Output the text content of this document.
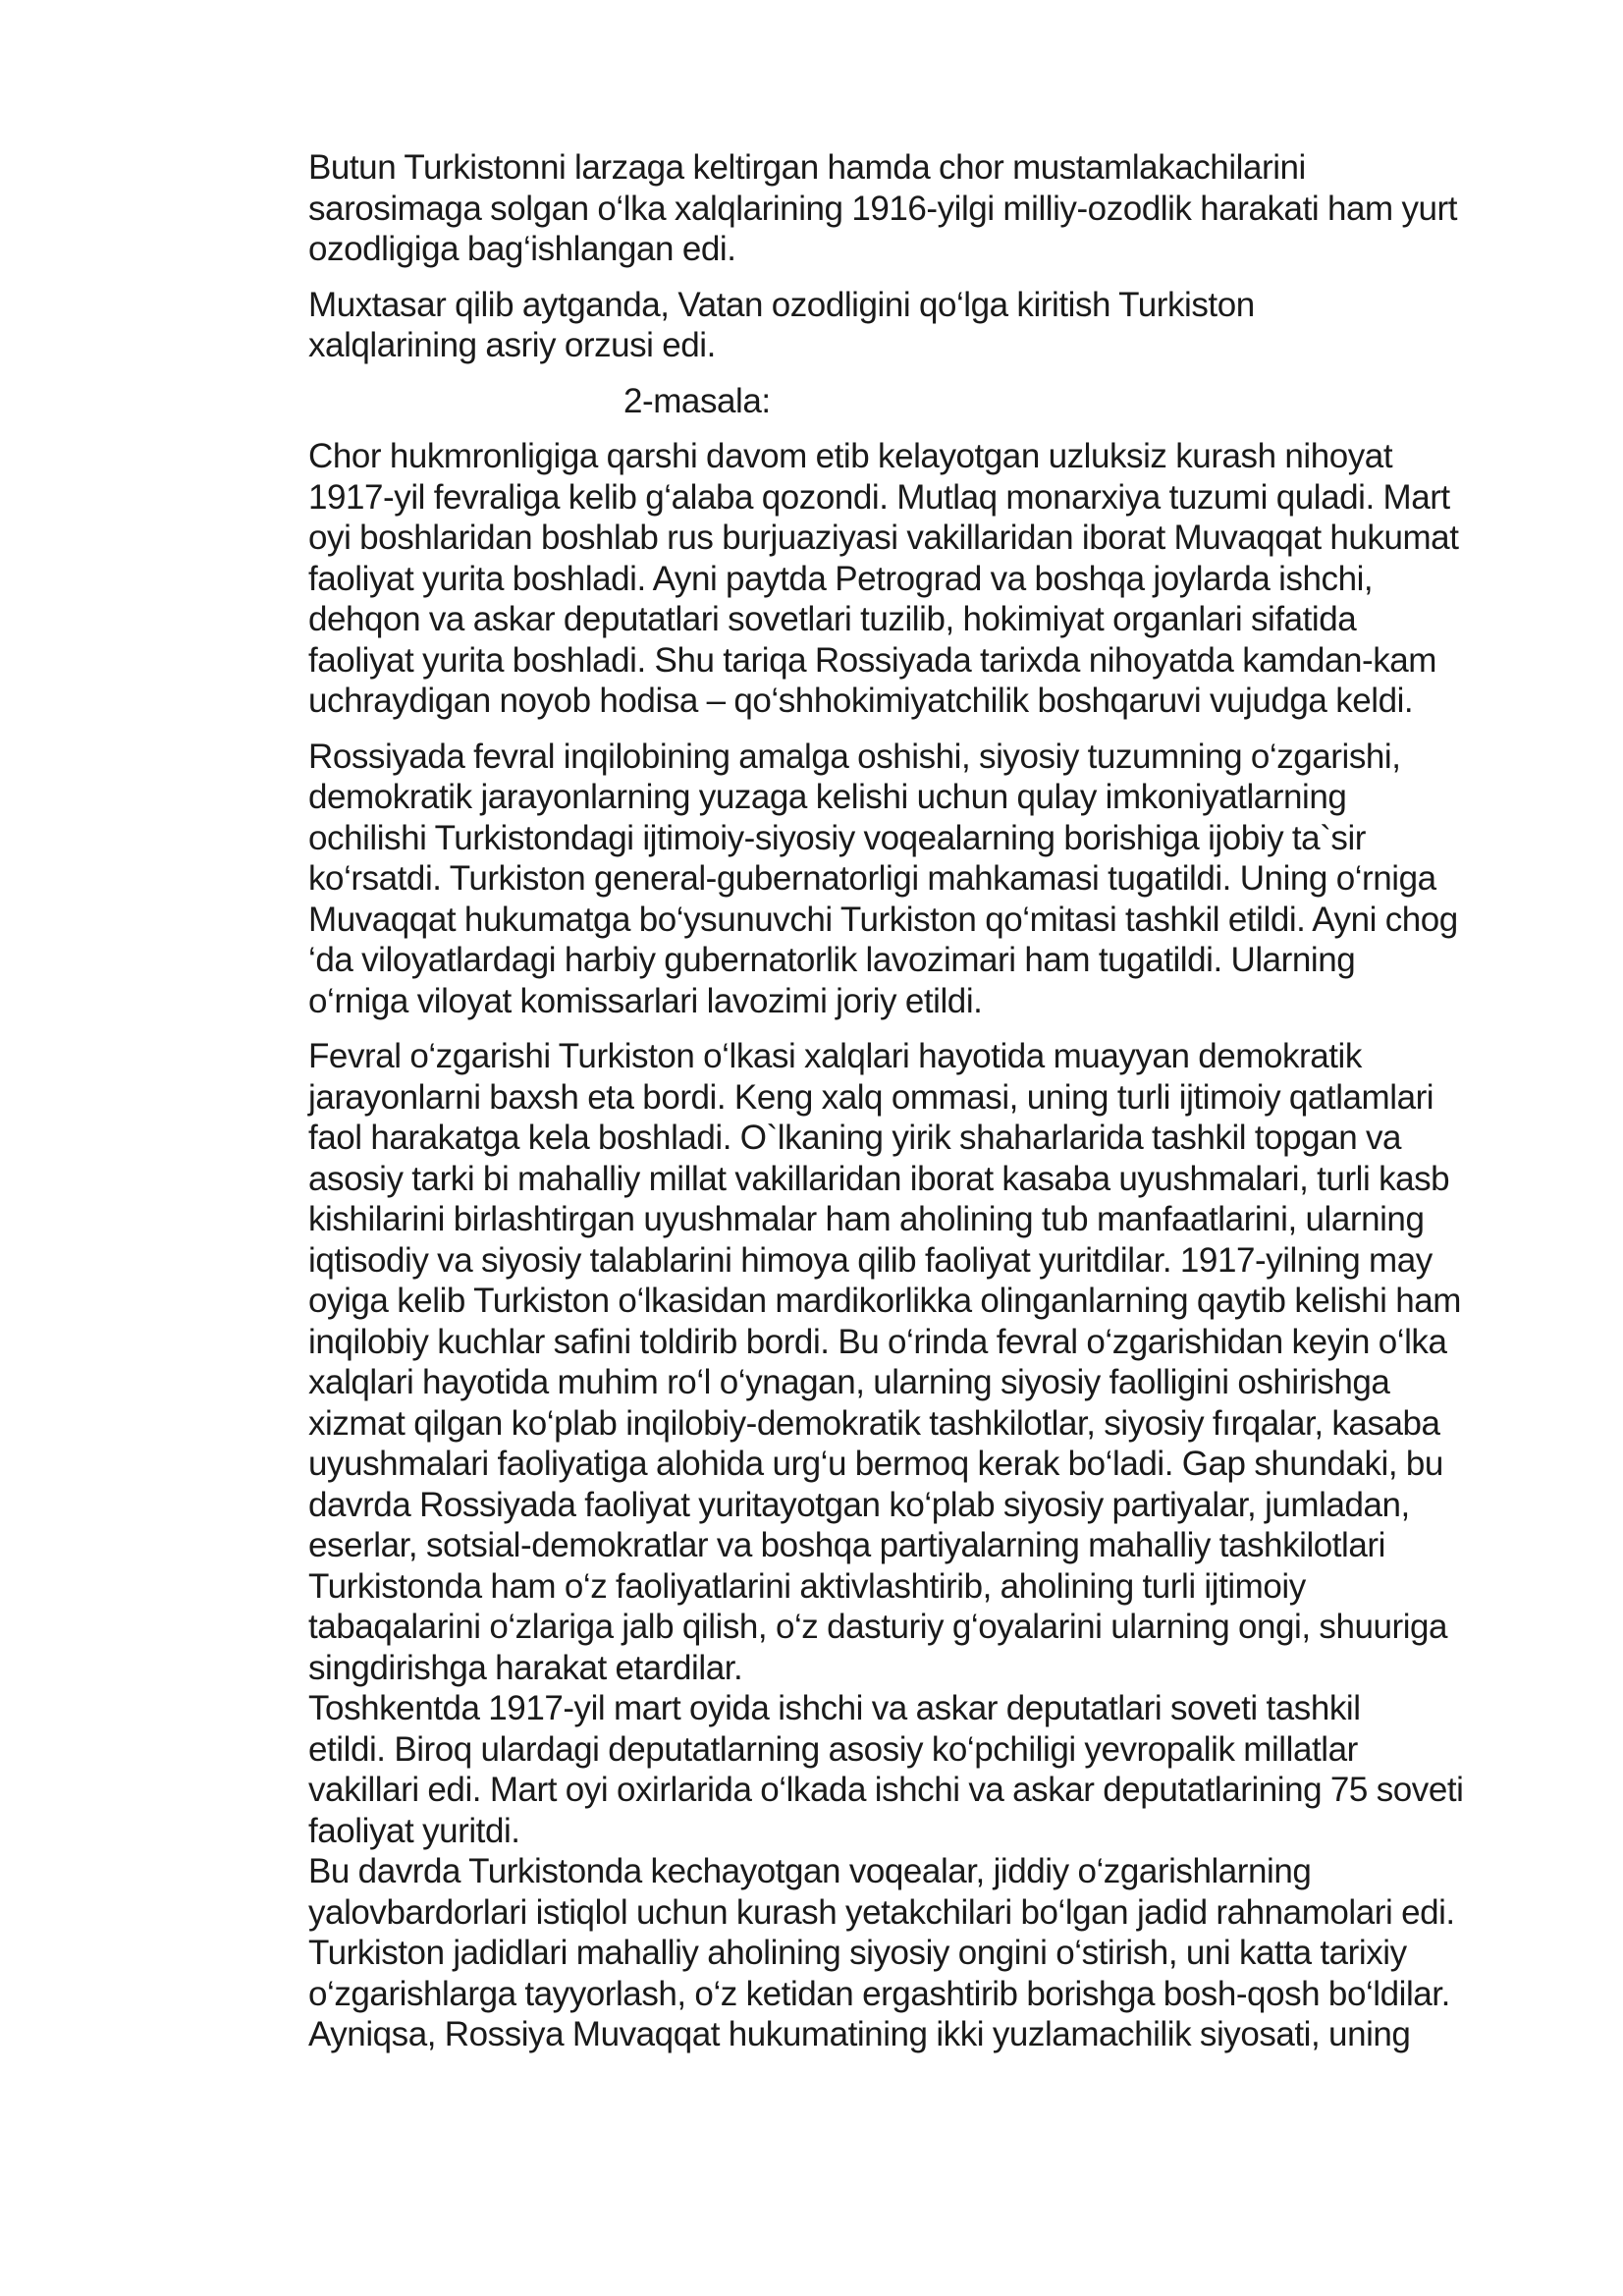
Butun Turkistonni larzaga keltirgan hamda chor mustamlakachilarini
sarosimaga solgan o‘lka xalqlarining 1916-yilgi milliy-ozodlik harakati ham yurt
ozodligiga bag‘ishlangan edi.

Muxtasar qilib aytganda, Vatan ozodligini qo‘lga kiritish Turkiston
xalqlarining asriy orzusi edi.

2-masala:

Chor hukmronligiga qarshi davom etib kelayotgan uzluksiz kurash nihoyat
1917-yil fevraliga kelib g‘alaba qozondi. Mutlaq monarxiya tuzumi quladi. Mart
oyi boshlaridan boshlab rus burjuaziyasi vakillaridan iborat Muvaqqat hukumat
faoliyat yurita boshladi. Ayni paytda Petrograd va boshqa joylarda ishchi,
dehqon va askar deputatlari sovetlari tuzilib, hokimiyat organlari sifatida
faoliyat yurita boshladi. Shu tariqa Rossiyada tarixda nihoyatda kamdan-kam
uchraydigan noyob hodisa – qo‘shhokimiyatchilik boshqaruvi vujudga keldi.

Rossiyada fevral inqilobining amalga oshishi, siyosiy tuzumning o‘zgarishi,
demokratik jarayonlarning yuzaga kelishi uchun qulay imkoniyatlarning
ochilishi Turkistondagi ijtimoiy-siyosiy voqealarning borishiga ijobiy ta`sir
ko‘rsatdi. Turkiston general-gubernatorligi mahkamasi tugatildi. Uning o‘rniga
Muvaqqat hukumatga bo‘ysunuvchi Turkiston qo‘mitasi tashkil etildi. Ayni chog
‘da viloyatlardagi harbiy gubernatorlik lavozimari ham tugatildi. Ularning
o‘rniga viloyat komissarlari lavozimi joriy etildi.

Fevral o‘zgarishi Turkiston o‘lkasi xalqlari hayotida muayyan demokratik
jarayonlarni baxsh eta bordi. Keng xalq ommasi, uning turli ijtimoiy qatlamlari
faol harakatga kela boshladi. O`lkaning yirik shaharlarida tashkil topgan va
asosiy tarki bi mahalliy millat vakillaridan iborat kasaba uyushmalari, turli kasb
kishilarini birlashtirgan uyushmalar ham aholining tub manfaatlarini, ularning
iqtisodiy va siyosiy talablarini himoya qilib faoliyat yuritdilar. 1917-yilning may
oyiga kelib Turkiston o‘lkasidan mardikorlikka olinganlarning qaytib kelishi ham
inqilobiy kuchlar safini toldirib bordi. Bu o‘rinda fevral o‘zgarishidan keyin o‘lka
xalqlari hayotida muhim ro‘l o‘ynagan, ularning siyosiy faolligini oshirishga
xizmat qilgan ko‘plab inqilobiy-demokratik tashkilotlar, siyosiy fırqalar, kasaba
uyushmalari faoliyatiga alohida urg‘u bermoq kerak bo‘ladi. Gap shundaki, bu
davrda Rossiyada faoliyat yuritayotgan ko‘plab siyosiy partiyalar, jumladan,
eserlar, sotsial-demokratlar va boshqa partiyalarning mahalliy tashkilotlari
Turkistonda ham o‘z faoliyatlarini aktivlashtirib, aholining turli ijtimoiy
tabaqalarini o‘zlariga jalb qilish, o‘z dasturiy g‘oyalarini ularning ongi, shuuriga
singdirishga harakat etardilar.

Toshkentda 1917-yil mart oyida ishchi va askar deputatlari soveti tashkil
etildi. Biroq ulardagi deputatlarning asosiy ko‘pchiligi yevropalik millatlar
vakillari edi. Mart oyi oxirlarida o‘lkada ishchi va askar deputatlarining 75 soveti
faoliyat yuritdi.

Bu davrda Turkistonda kechayotgan voqealar, jiddiy o‘zgarishlarning
yalovbardorlari istiqlol uchun kurash yetakchilari bo‘lgan jadid rahnamolari edi.
Turkiston jadidlari mahalliy aholining siyosiy ongini o‘stirish, uni katta tarixiy
o‘zgarishlarga tayyorlash, o‘z ketidan ergashtirib borishga bosh-qosh bo‘ldilar.
Ayniqsa, Rossiya Muvaqqat hukumatining ikki yuzlamachilik siyosati, uning
